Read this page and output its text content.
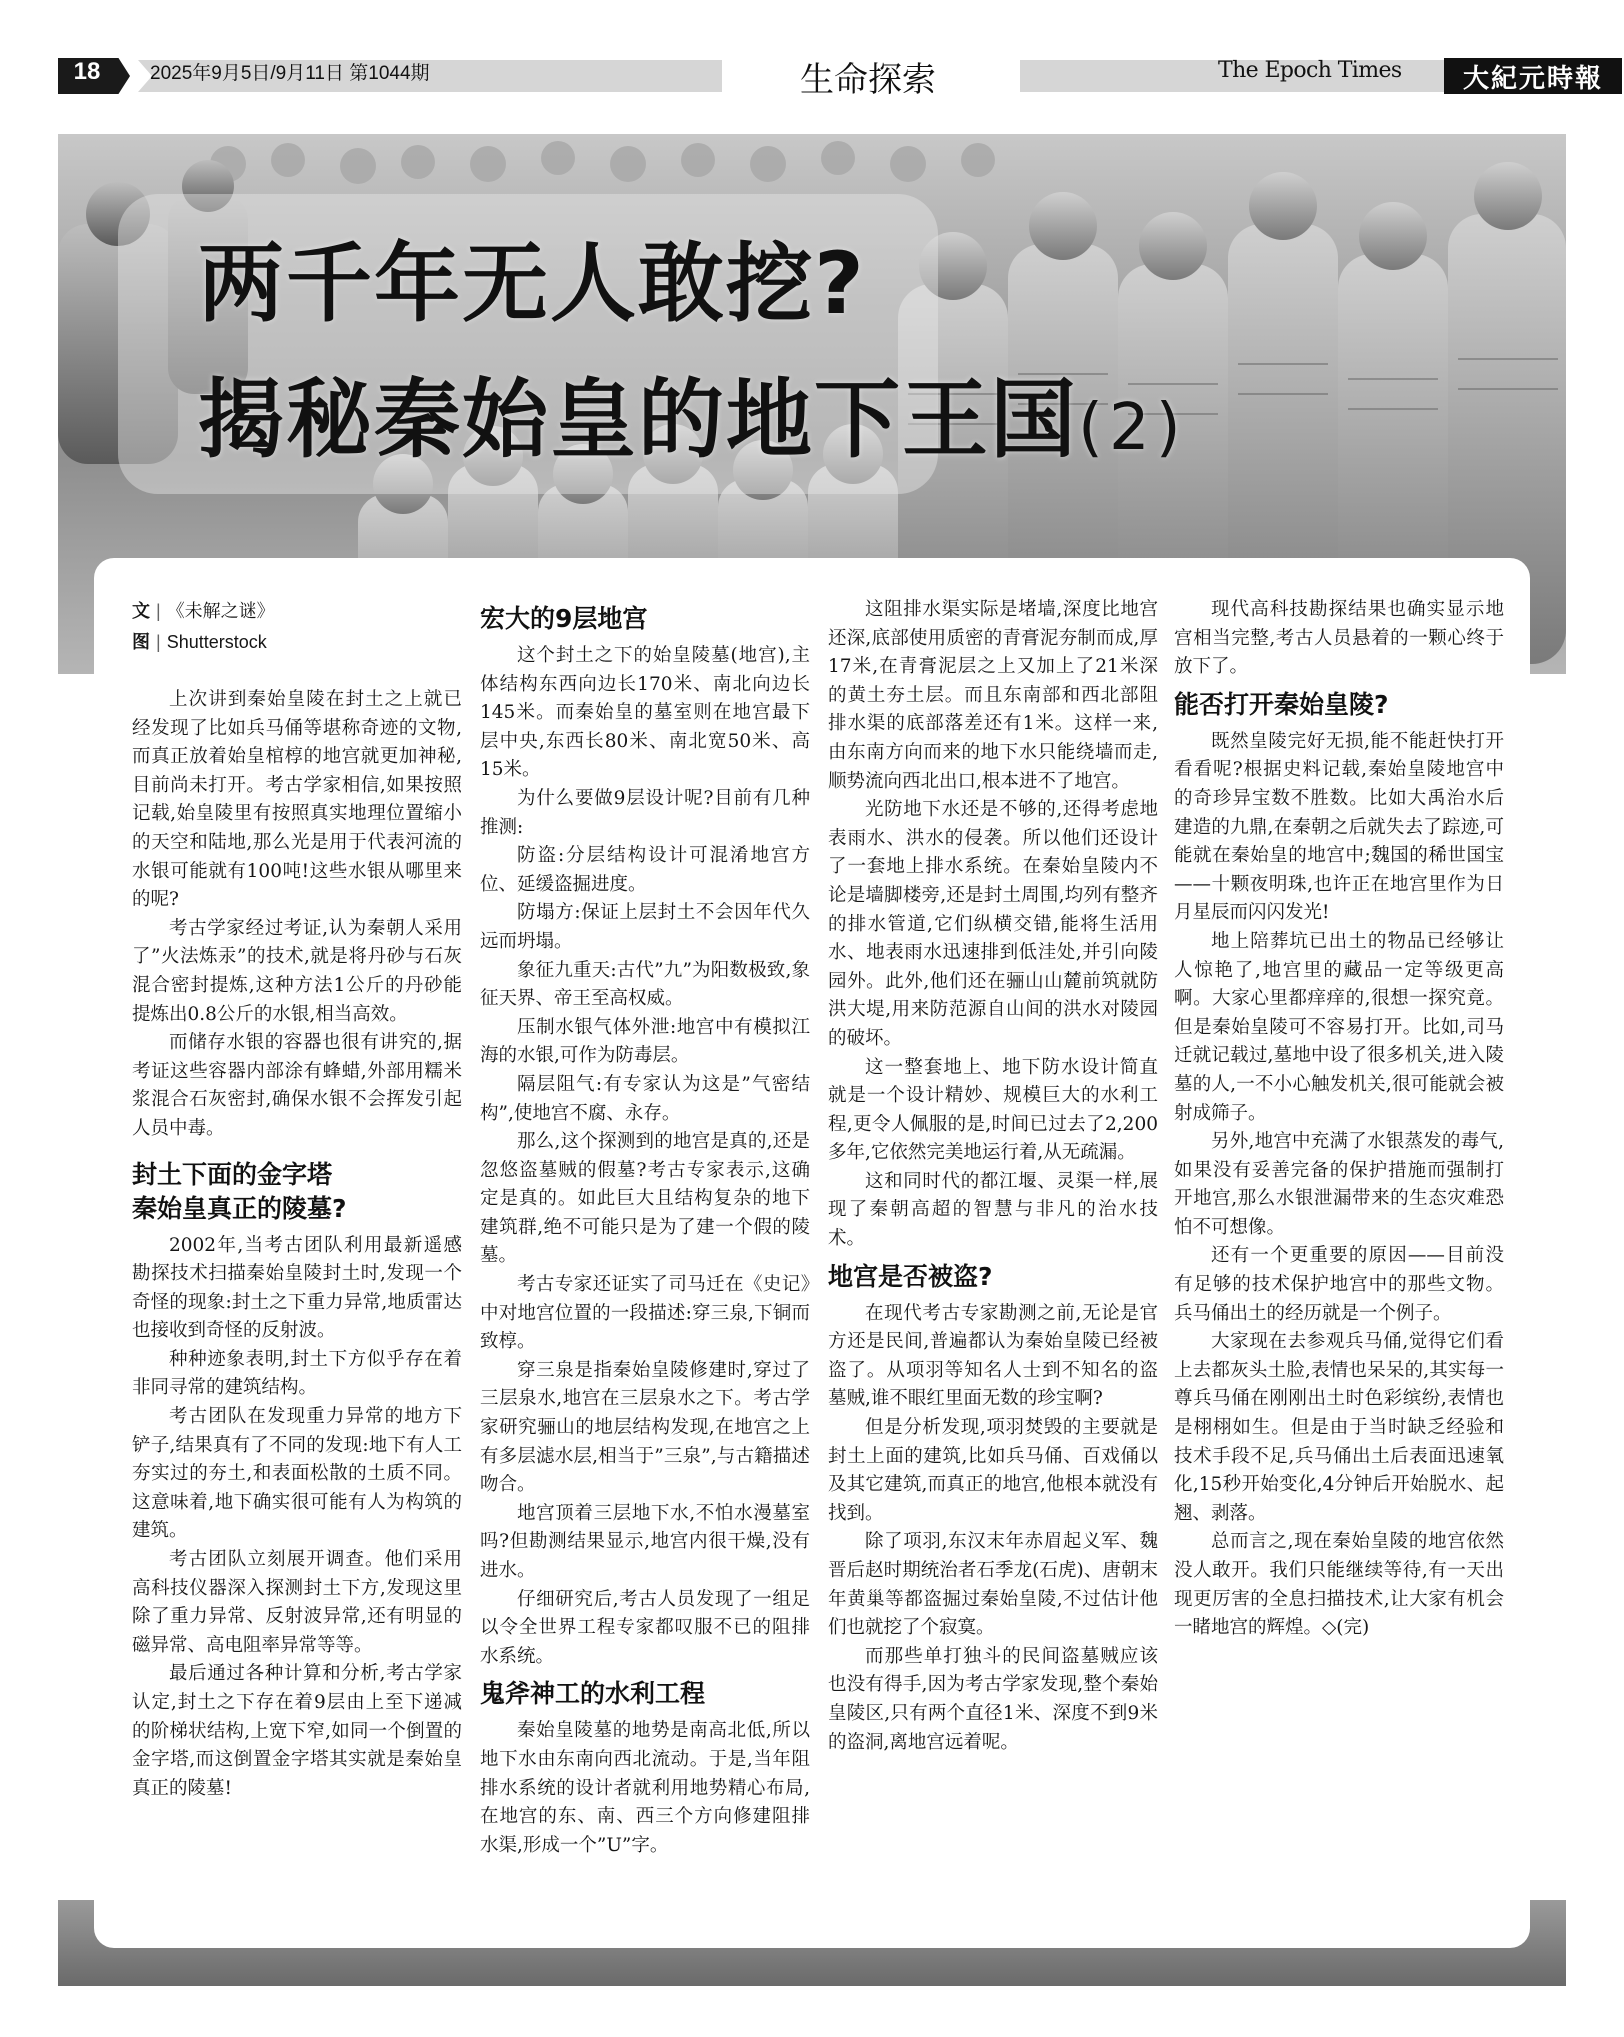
18	2025年9月5日/9月11日 第1044期	生命探索	The Epoch Times	大紀元時報
两千年无人敢挖?
揭秘秦始皇的地下王国(2)
文 | 《未解之谜》
图 | Shutterstock

上次讲到秦始皇陵在封土之上就已经发现了比如兵马俑等堪称奇迹的文物,而真正放着始皇棺椁的地宫就更加神秘,目前尚未打开。考古学家相信,如果按照记载,始皇陵里有按照真实地理位置缩小的天空和陆地,那么光是用于代表河流的水银可能就有100吨!这些水银从哪里来的呢?

考古学家经过考证,认为秦朝人采用了”火法炼汞”的技术,就是将丹砂与石灰混合密封提炼,这种方法1公斤的丹砂能提炼出0.8公斤的水银,相当高效。

而储存水银的容器也很有讲究的,据考证这些容器内部涂有蜂蜡,外部用糯米浆混合石灰密封,确保水银不会挥发引起人员中毒。

封土下面的金字塔
秦始皇真正的陵墓?

2002年,当考古团队利用最新遥感勘探技术扫描秦始皇陵封土时,发现一个奇怪的现象:封土之下重力异常,地质雷达也接收到奇怪的反射波。

种种迹象表明,封土下方似乎存在着非同寻常的建筑结构。

考古团队在发现重力异常的地方下铲子,结果真有了不同的发现:地下有人工夯实过的夯土,和表面松散的土质不同。这意味着,地下确实很可能有人为构筑的建筑。

考古团队立刻展开调查。他们采用高科技仪器深入探测封土下方,发现这里除了重力异常、反射波异常,还有明显的磁异常、高电阻率异常等等。

最后通过各种计算和分析,考古学家认定,封土之下存在着9层由上至下递减的阶梯状结构,上宽下窄,如同一个倒置的金字塔,而这倒置金字塔其实就是秦始皇真正的陵墓!

宏大的9层地宫

这个封土之下的始皇陵墓(地宫),主体结构东西向边长170米、南北向边长145米。而秦始皇的墓室则在地宫最下层中央,东西长80米、南北宽50米、高15米。

为什么要做9层设计呢?目前有几种推测:

防盗:分层结构设计可混淆地宫方位、延缓盗掘进度。

防塌方:保证上层封土不会因年代久远而坍塌。

象征九重天:古代”九”为阳数极致,象征天界、帝王至高权威。

压制水银气体外泄:地宫中有模拟江海的水银,可作为防毒层。

隔层阻气:有专家认为这是”气密结构”,使地宫不腐、永存。

那么,这个探测到的地宫是真的,还是忽悠盗墓贼的假墓?考古专家表示,这确定是真的。如此巨大且结构复杂的地下建筑群,绝不可能只是为了建一个假的陵墓。

考古专家还证实了司马迁在《史记》中对地宫位置的一段描述:穿三泉,下铜而致椁。

穿三泉是指秦始皇陵修建时,穿过了三层泉水,地宫在三层泉水之下。考古学家研究骊山的地层结构发现,在地宫之上有多层滤水层,相当于”三泉”,与古籍描述吻合。

地宫顶着三层地下水,不怕水漫墓室吗?但勘测结果显示,地宫内很干燥,没有进水。

仔细研究后,考古人员发现了一组足以令全世界工程专家都叹服不已的阻排水系统。

鬼斧神工的水利工程

秦始皇陵墓的地势是南高北低,所以地下水由东南向西北流动。于是,当年阻排水系统的设计者就利用地势精心布局,在地宫的东、南、西三个方向修建阻排水渠,形成一个”U”字。

这阻排水渠实际是堵墙,深度比地宫还深,底部使用质密的青膏泥夯制而成,厚17米,在青膏泥层之上又加上了21米深的黄土夯土层。而且东南部和西北部阻排水渠的底部落差还有1米。这样一来,由东南方向而来的地下水只能绕墙而走,顺势流向西北出口,根本进不了地宫。

光防地下水还是不够的,还得考虑地表雨水、洪水的侵袭。所以他们还设计了一套地上排水系统。在秦始皇陵内不论是墙脚楼旁,还是封土周围,均列有整齐的排水管道,它们纵横交错,能将生活用水、地表雨水迅速排到低洼处,并引向陵园外。此外,他们还在骊山山麓前筑就防洪大堤,用来防范源自山间的洪水对陵园的破坏。

这一整套地上、地下防水设计简直就是一个设计精妙、规模巨大的水利工程,更令人佩服的是,时间已过去了2,200多年,它依然完美地运行着,从无疏漏。

这和同时代的都江堰、灵渠一样,展现了秦朝高超的智慧与非凡的治水技术。

地宫是否被盗?

在现代考古专家勘测之前,无论是官方还是民间,普遍都认为秦始皇陵已经被盗了。从项羽等知名人士到不知名的盗墓贼,谁不眼红里面无数的珍宝啊?

但是分析发现,项羽焚毁的主要就是封土上面的建筑,比如兵马俑、百戏俑以及其它建筑,而真正的地宫,他根本就没有找到。

除了项羽,东汉末年赤眉起义军、魏晋后赵时期统治者石季龙(石虎)、唐朝末年黄巢等都盗掘过秦始皇陵,不过估计他们也就挖了个寂寞。

而那些单打独斗的民间盗墓贼应该也没有得手,因为考古学家发现,整个秦始皇陵区,只有两个直径1米、深度不到9米的盗洞,离地宫远着呢。

现代高科技勘探结果也确实显示地宫相当完整,考古人员悬着的一颗心终于放下了。

能否打开秦始皇陵?

既然皇陵完好无损,能不能赶快打开看看呢?根据史料记载,秦始皇陵地宫中的奇珍异宝数不胜数。比如大禹治水后建造的九鼎,在秦朝之后就失去了踪迹,可能就在秦始皇的地宫中;魏国的稀世国宝——十颗夜明珠,也许正在地宫里作为日月星辰而闪闪发光!

地上陪葬坑已出土的物品已经够让人惊艳了,地宫里的藏品一定等级更高啊。大家心里都痒痒的,很想一探究竟。但是秦始皇陵可不容易打开。比如,司马迁就记载过,墓地中设了很多机关,进入陵墓的人,一不小心触发机关,很可能就会被射成筛子。

另外,地宫中充满了水银蒸发的毒气,如果没有妥善完备的保护措施而强制打开地宫,那么水银泄漏带来的生态灾难恐怕不可想像。

还有一个更重要的原因——目前没有足够的技术保护地宫中的那些文物。兵马俑出土的经历就是一个例子。

大家现在去参观兵马俑,觉得它们看上去都灰头土脸,表情也呆呆的,其实每一尊兵马俑在刚刚出土时色彩缤纷,表情也是栩栩如生。但是由于当时缺乏经验和技术手段不足,兵马俑出土后表面迅速氧化,15秒开始变化,4分钟后开始脱水、起翘、剥落。

总而言之,现在秦始皇陵的地宫依然没人敢开。我们只能继续等待,有一天出现更厉害的全息扫描技术,让大家有机会一睹地宫的辉煌。◇(完)
